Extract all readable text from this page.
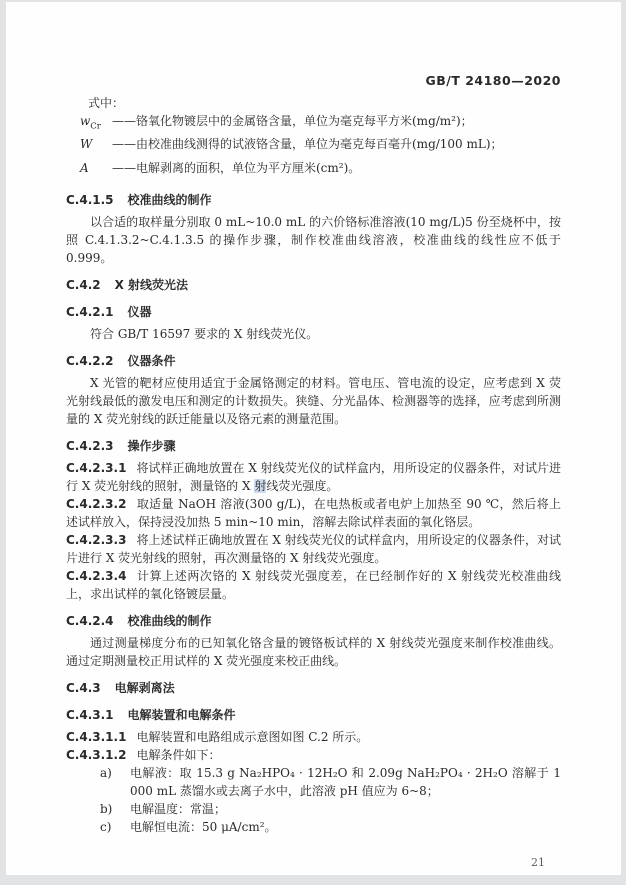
GB/T 24180—2020

式中：

$w_{Cr}$ —— 铬氧化物镀层中的金属铬含量，单位为毫克每平方米(mg/m²)；
W	—— 由校准曲线测得的试液铬含量，单位为毫克每百毫升(mg/100 mL)；
A	—— 电解剥离的面积，单位为平方厘米(cm²)。
C.4.1.5 校准曲线的制作

以合适的取样量分别取 0 mL~10.0 mL 的六价铬标准溶液(10 mg/L)5 份至烧杯中，按照 C.4.1.3.2~C.4.1.3.5 的操作步骤，制作校准曲线溶液，校准曲线的线性应不低于 0.999。

C.4.2 X 射线荧光法
C.4.2.1 仪器

符合 GB/T 16597 要求的 X 射线荧光仪。

C.4.2.2 仪器条件

X 光管的靶材应使用适宜于金属铬测定的材料。管电压、管电流的设定，应考虑到 X 荧光射线最低的激发电压和测定的计数损失。狭缝、分光晶体、检测器等的选择，应考虑到所测量的 X 荧光射线的跃迁能量以及铬元素的测量范围。

C.4.2.3 操作步骤

C.4.2.3.1 将试样正确地放置在 X 射线荧光仪的试样盒内，用所设定的仪器条件，对试片进行 X 荧光射线的照射，测量铬的 X 射线荧光强度。

C.4.2.3.2 取适量 NaOH 溶液(300 g/L)，在电热板或者电炉上加热至 90 ℃，然后将上述试样放入，保持浸没加热 5 min~10 min，溶解去除试样表面的氧化铬层。

C.4.2.3.3 将上述试样正确地放置在 X 射线荧光仪的试样盒内，用所设定的仪器条件，对试片进行 X 荧光射线的照射，再次测量铬的 X 射线荧光强度。

C.4.2.3.4 计算上述两次铬的 X 射线荧光强度差，在已经制作好的 X 射线荧光校准曲线上，求出试样的氧化铬镀层量。

C.4.2.4 校准曲线的制作

通过测量梯度分布的已知氧化铬含量的镀铬板试样的 X 射线荧光强度来制作校准曲线。通过定期测量校正用试样的 X 荧光强度来校正曲线。

C.4.3 电解剥离法
C.4.3.1 电解装置和电解条件

C.4.3.1.1 电解装置和电路组成示意图如图 C.2 所示。

C.4.3.1.2 电解条件如下：

a)	电解液：取 15.3 g Na₂HPO₄ · 12H₂O 和 2.09g NaH₂PO₄ · 2H₂O 溶解于 1 000 mL 蒸馏水或去离子水中，此溶液 pH 值应为 6~8；
b)	电解温度：常温；
c)	电解恒电流：50 μA/cm²。
21
